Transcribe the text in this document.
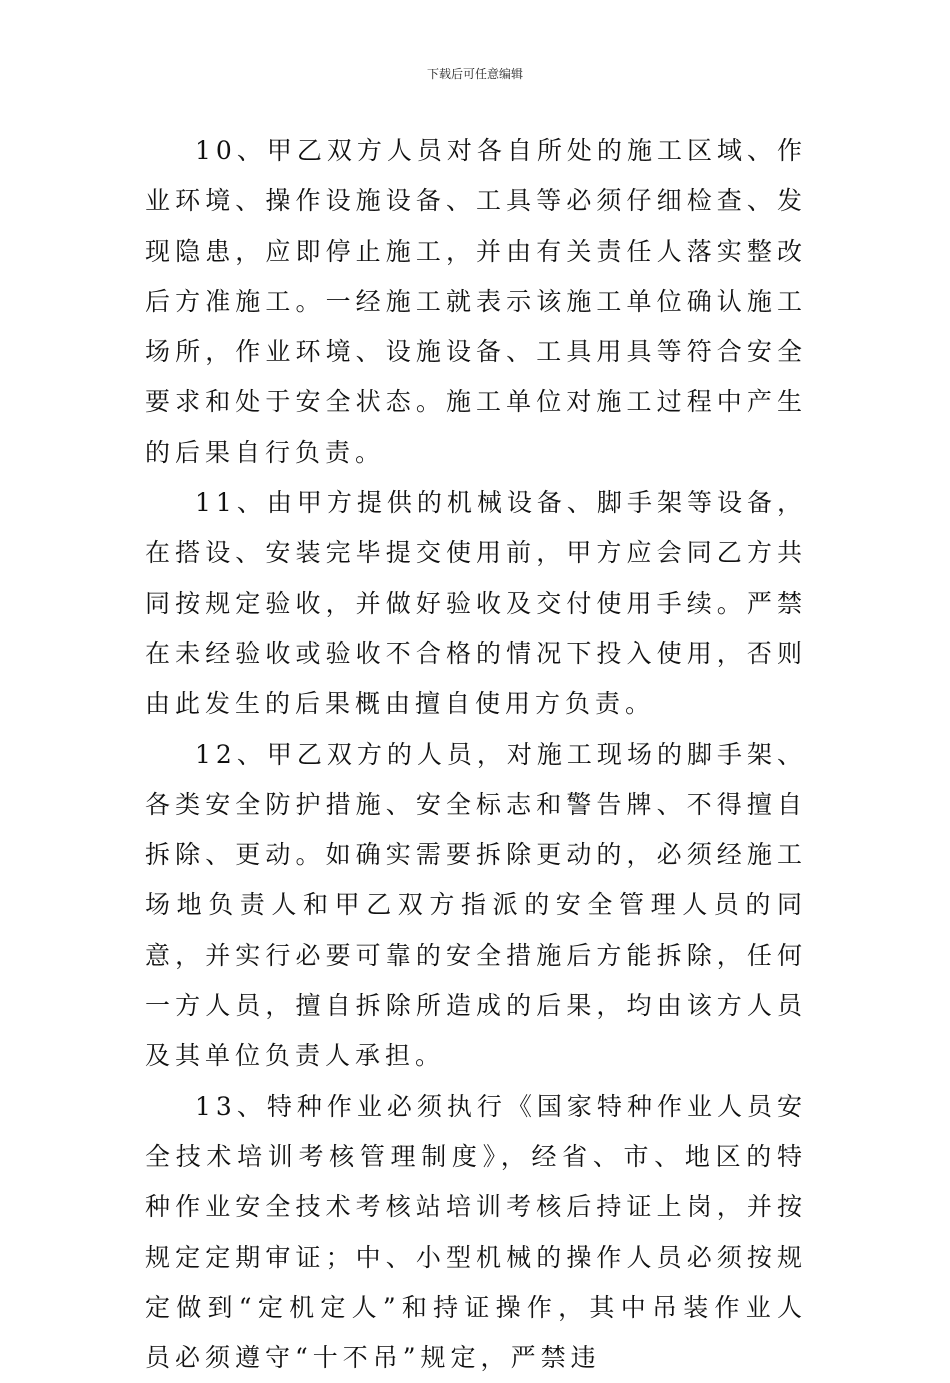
下载后可任意编辑

10、甲乙双方人员对各自所处的施工区域、作业环境、操作设施设备、工具等必须仔细检查、发现隐患，应即停止施工，并由有关责任人落实整改后方准施工。一经施工就表示该施工单位确认施工场所，作业环境、设施设备、工具用具等符合安全要求和处于安全状态。施工单位对施工过程中产生的后果自行负责。

11、由甲方提供的机械设备、脚手架等设备，在搭设、安装完毕提交使用前，甲方应会同乙方共同按规定验收，并做好验收及交付使用手续。严禁在未经验收或验收不合格的情况下投入使用，否则由此发生的后果概由擅自使用方负责。

12、甲乙双方的人员，对施工现场的脚手架、各类安全防护措施、安全标志和警告牌、不得擅自拆除、更动。如确实需要拆除更动的，必须经施工场地负责人和甲乙双方指派的安全管理人员的同意，并实行必要可靠的安全措施后方能拆除，任何一方人员，擅自拆除所造成的后果，均由该方人员及其单位负责人承担。

13、特种作业必须执行《国家特种作业人员安全技术培训考核管理制度》，经省、市、地区的特种作业安全技术考核站培训考核后持证上岗，并按规定定期审证；中、小型机械的操作人员必须按规定做到“定机定人”和持证操作，其中吊装作业人员必须遵守“十不吊”规定，严禁违
